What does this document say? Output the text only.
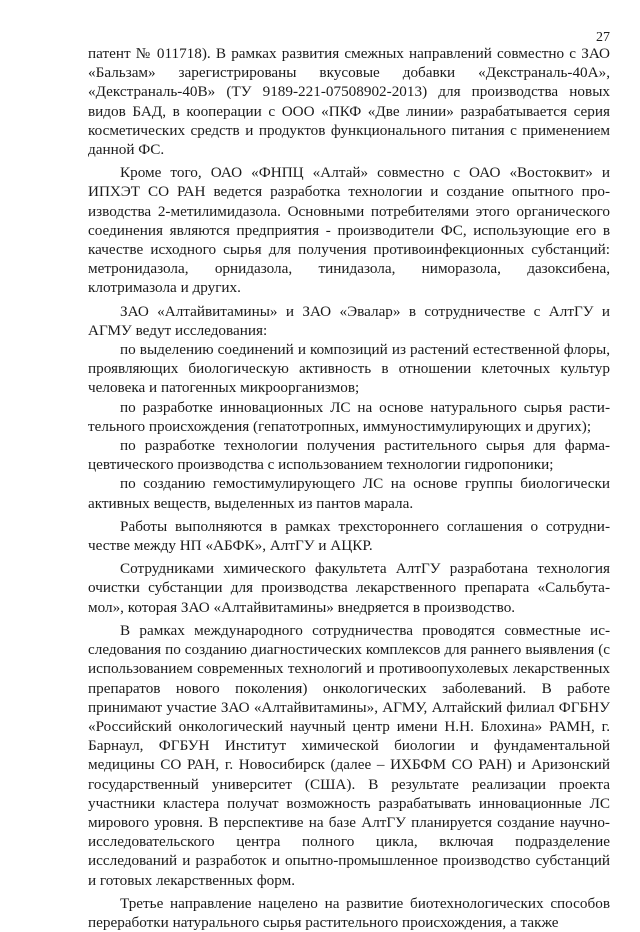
27

патент № 011718). В рамках развития смежных направлений совместно с ЗАО «Бальзам» зарегистрированы вкусовые добавки «Декстраналь-40А», «Декстраналь-40В» (ТУ 9189-221-07508902-2013) для производства новых видов БАД, в кооперации с ООО «ПКФ «Две линии» разрабатывается серия косметических средств и продуктов функционального питания с применением данной ФС.

Кроме того, ОАО «ФНПЦ «Алтай» совместно с ОАО «Востоквит» и ИПХЭТ СО РАН ведется разработка технологии и создание опытного производства 2-метилимидазола. Основными потребителями этого органического соединения являются предприятия - производители ФС, использующие его в качестве исходного сырья для получения противоинфекционных субстанций: метронидазола, орнидазола, тинидазола, ниморазола, дазоксибена, клотримазола и других.

ЗАО «Алтайвитамины» и ЗАО «Эвалар» в сотрудничестве с АлтГУ и АГМУ ведут исследования:

по выделению соединений и композиций из растений естественной флоры, проявляющих биологическую активность в отношении клеточных культур человека и патогенных микроорганизмов;

по разработке инновационных ЛС на основе натурального сырья растительного происхождения (гепатотропных, иммуностимулирующих и других);

по разработке технологии получения растительного сырья для фармацевтического производства с использованием технологии гидропоники;

по созданию гемостимулирующего ЛС на основе группы биологически активных веществ, выделенных из пантов марала.

Работы выполняются в рамках трехстороннего соглашения о сотрудничестве между НП «АБФК», АлтГУ и АЦКР.

Сотрудниками химического факультета АлтГУ разработана технология очистки субстанции для производства лекарственного препарата «Сальбутамол», которая ЗАО «Алтайвитамины» внедряется в производство.

В рамках международного сотрудничества проводятся совместные исследования по созданию диагностических комплексов для раннего выявления (с использованием современных технологий и противоопухолевых лекарственных препаратов нового поколения) онкологических заболеваний. В работе принимают участие ЗАО «Алтайвитамины», АГМУ, Алтайский филиал ФГБНУ «Российский онкологический научный центр имени Н.Н. Блохина» РАМН, г. Барнаул, ФГБУН Институт химической биологии и фундаментальной медицины СО РАН, г. Новосибирск (далее – ИХБФМ СО РАН) и Аризонский государственный университет (США). В результате реализации проекта участники кластера получат возможность разрабатывать инновационные ЛС мирового уровня. В перспективе на базе АлтГУ планируется создание научно-исследовательского центра полного цикла, включая подразделение исследований и разработок и опытно-промышленное производство субстанций и готовых лекарственных форм.

Третье направление нацелено на развитие биотехнологических способов переработки натурального сырья растительного происхождения, а также
